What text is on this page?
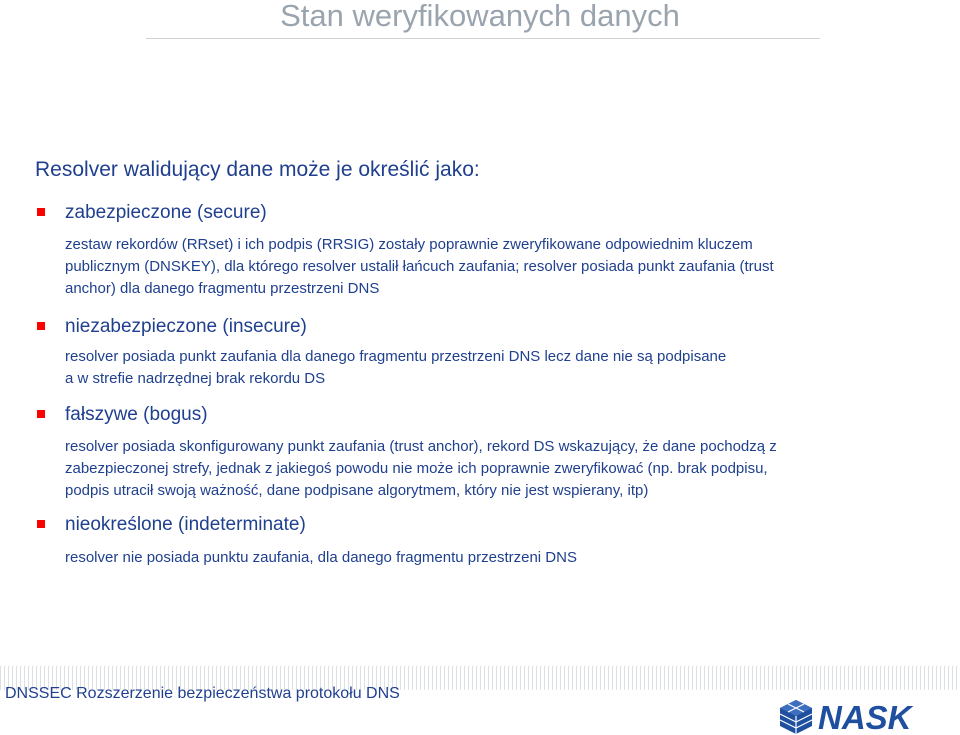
Stan weryfikowanych danych
Resolver walidujący dane może je określić jako:
zabezpieczone (secure)
zestaw rekordów (RRset) i ich podpis (RRSIG) zostały poprawnie zweryfikowane odpowiednim kluczem
publicznym (DNSKEY), dla którego resolver ustalił łańcuch zaufania; resolver posiada punkt zaufania (trust
anchor) dla danego fragmentu przestrzeni DNS
niezabezpieczone (insecure)
resolver posiada punkt zaufania dla danego fragmentu przestrzeni DNS lecz dane nie są podpisane
a w strefie nadrzędnej brak rekordu DS
fałszywe (bogus)
resolver posiada skonfigurowany punkt zaufania (trust anchor), rekord DS wskazujący, że dane pochodzą z
zabezpieczonej strefy, jednak z jakiegoś powodu nie może ich poprawnie zweryfikować (np. brak podpisu,
podpis utracił swoją ważność, dane podpisane algorytmem, który nie jest wspierany, itp)
nieokreślone (indeterminate)
resolver nie posiada punktu zaufania, dla danego fragmentu przestrzeni DNS
DNSSEC Rozszerzenie bezpieczeństwa protokołu DNS
NASK
